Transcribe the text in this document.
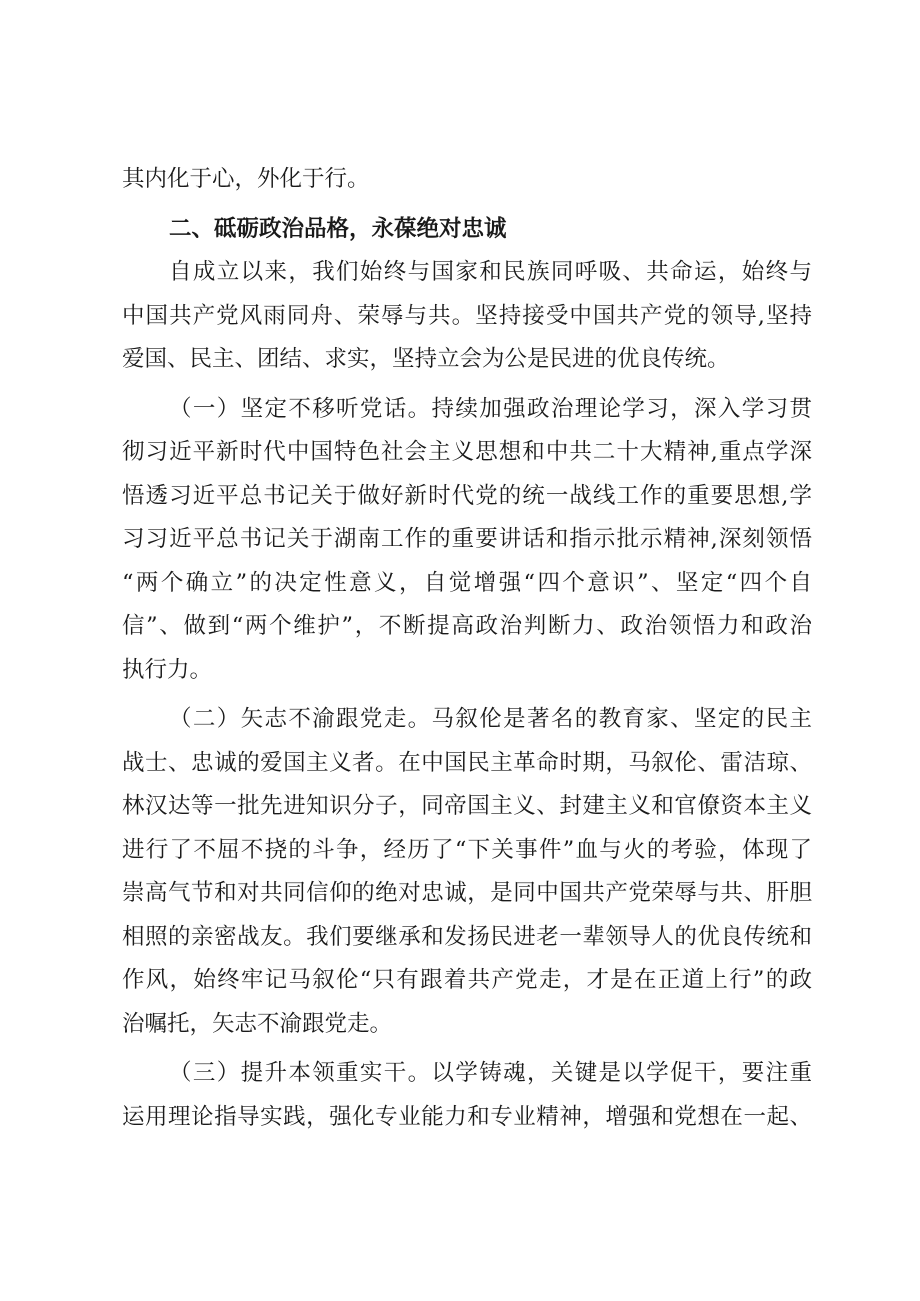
其内化于心，外化于行。
二、砥砺政治品格，永葆绝对忠诚
自成立以来，我们始终与国家和民族同呼吸、共命运，始终与
中国共产党风雨同舟、荣辱与共。坚持接受中国共产党的领导,坚持
爱国、民主、团结、求实，坚持立会为公是民进的优良传统。
（一）坚定不移听党话。持续加强政治理论学习，深入学习贯
彻习近平新时代中国特色社会主义思想和中共二十大精神,重点学深
悟透习近平总书记关于做好新时代党的统一战线工作的重要思想,学
习习近平总书记关于湖南工作的重要讲话和指示批示精神,深刻领悟
“两个确立”的决定性意义，自觉增强“四个意识”、坚定“四个自
信”、做到“两个维护”，不断提高政治判断力、政治领悟力和政治
执行力。
（二）矢志不渝跟党走。马叙伦是著名的教育家、坚定的民主
战士、忠诚的爱国主义者。在中国民主革命时期，马叙伦、雷洁琼、
林汉达等一批先进知识分子，同帝国主义、封建主义和官僚资本主义
进行了不屈不挠的斗争，经历了“下关事件”血与火的考验，体现了
崇高气节和对共同信仰的绝对忠诚，是同中国共产党荣辱与共、肝胆
相照的亲密战友。我们要继承和发扬民进老一辈领导人的优良传统和
作风，始终牢记马叙伦“只有跟着共产党走，才是在正道上行”的政
治嘱托，矢志不渝跟党走。
（三）提升本领重实干。以学铸魂，关键是以学促干，要注重
运用理论指导实践，强化专业能力和专业精神，增强和党想在一起、
